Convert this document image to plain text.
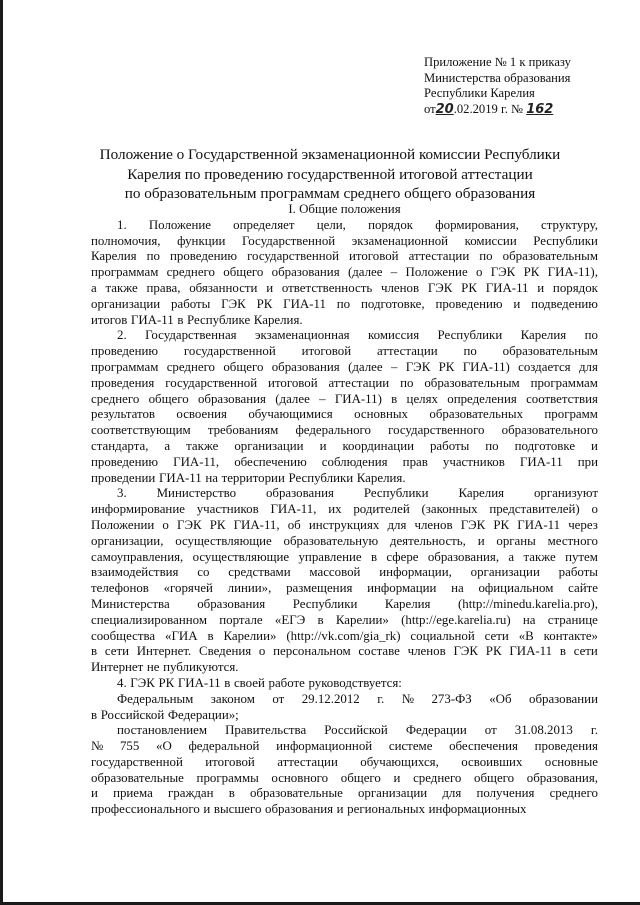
Приложение № 1 к приказу
Министерства образования
Республики Карелия
от20.02.2019 г. № 162
Положение о Государственной экзаменационной комиссии Республики
Карелия по проведению государственной итоговой аттестации
по образовательным программам среднего общего образования
I. Общие положения
1. Положение определяет цели, порядок формирования, структуру,
полномочия, функции Государственной экзаменационной комиссии Республики
Карелия по проведению государственной итоговой аттестации по образовательным
программам среднего общего образования (далее – Положение о ГЭК РК ГИА-11),
а также права, обязанности и ответственность членов ГЭК РК ГИА-11 и порядок
организации работы ГЭК РК ГИА-11 по подготовке, проведению и подведению
итогов ГИА-11 в Республике Карелия.
2. Государственная экзаменационная комиссия Республики Карелия по
проведению государственной итоговой аттестации по образовательным
программам среднего общего образования (далее – ГЭК РК ГИА-11) создается для
проведения государственной итоговой аттестации по образовательным программам
среднего общего образования (далее – ГИА-11) в целях определения соответствия
результатов освоения обучающимися основных образовательных программ
соответствующим требованиям федерального государственного образовательного
стандарта, а также организации и координации работы по подготовке и
проведению ГИА-11, обеспечению соблюдения прав участников ГИА-11 при
проведении ГИА-11 на территории Республики Карелия.
3. Министерство образования Республики Карелия организуют
информирование участников ГИА-11, их родителей (законных представителей) о
Положении о ГЭК РК ГИА-11, об инструкциях для членов ГЭК РК ГИА-11 через
организации, осуществляющие образовательную деятельность, и органы местного
самоуправления, осуществляющие управление в сфере образования, а также путем
взаимодействия со средствами массовой информации, организации работы
телефонов «горячей линии», размещения информации на официальном сайте
Министерства образования Республики Карелия (http://minedu.karelia.pro),
специализированном портале «ЕГЭ в Карелии» (http://ege.karelia.ru) на странице
сообщества «ГИА в Карелии» (http://vk.com/gia_rk) социальной сети «В контакте»
в сети Интернет. Сведения о персональном составе членов ГЭК РК ГИА-11 в сети
Интернет не публикуются.
4. ГЭК РК ГИА-11 в своей работе руководствуется:
Федеральным законом от 29.12.2012 г. № 273-ФЗ «Об образовании
в Российской Федерации»;
постановлением Правительства Российской Федерации от 31.08.2013 г.
№ 755 «О федеральной информационной системе обеспечения проведения
государственной итоговой аттестации обучающихся, освоивших основные
образовательные программы основного общего и среднего общего образования,
и приема граждан в образовательные организации для получения среднего
профессионального и высшего образования и региональных информационных
